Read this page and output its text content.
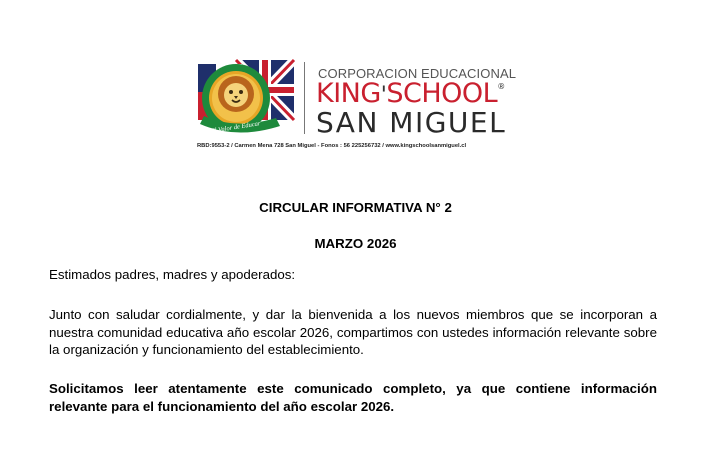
El Valor de Educar
CORPORACION EDUCACIONAL
KING'SCHOOL®
SAN MIGUEL
RBD:9553-2 / Carmen Mena 728 San Miguel - Fonos : 56 225256732 / www.kingschoolsanmiguel.cl
CIRCULAR INFORMATIVA N° 2
MARZO 2026

Estimados padres, madres y apoderados:

Junto con saludar cordialmente, y dar la bienvenida a los nuevos miembros que se incorporan a nuestra comunidad educativa año escolar 2026, compartimos con ustedes información relevante sobre la organización y funcionamiento del establecimiento.

Solicitamos leer atentamente este comunicado completo, ya que contiene información relevante para el funcionamiento del año escolar 2026.
